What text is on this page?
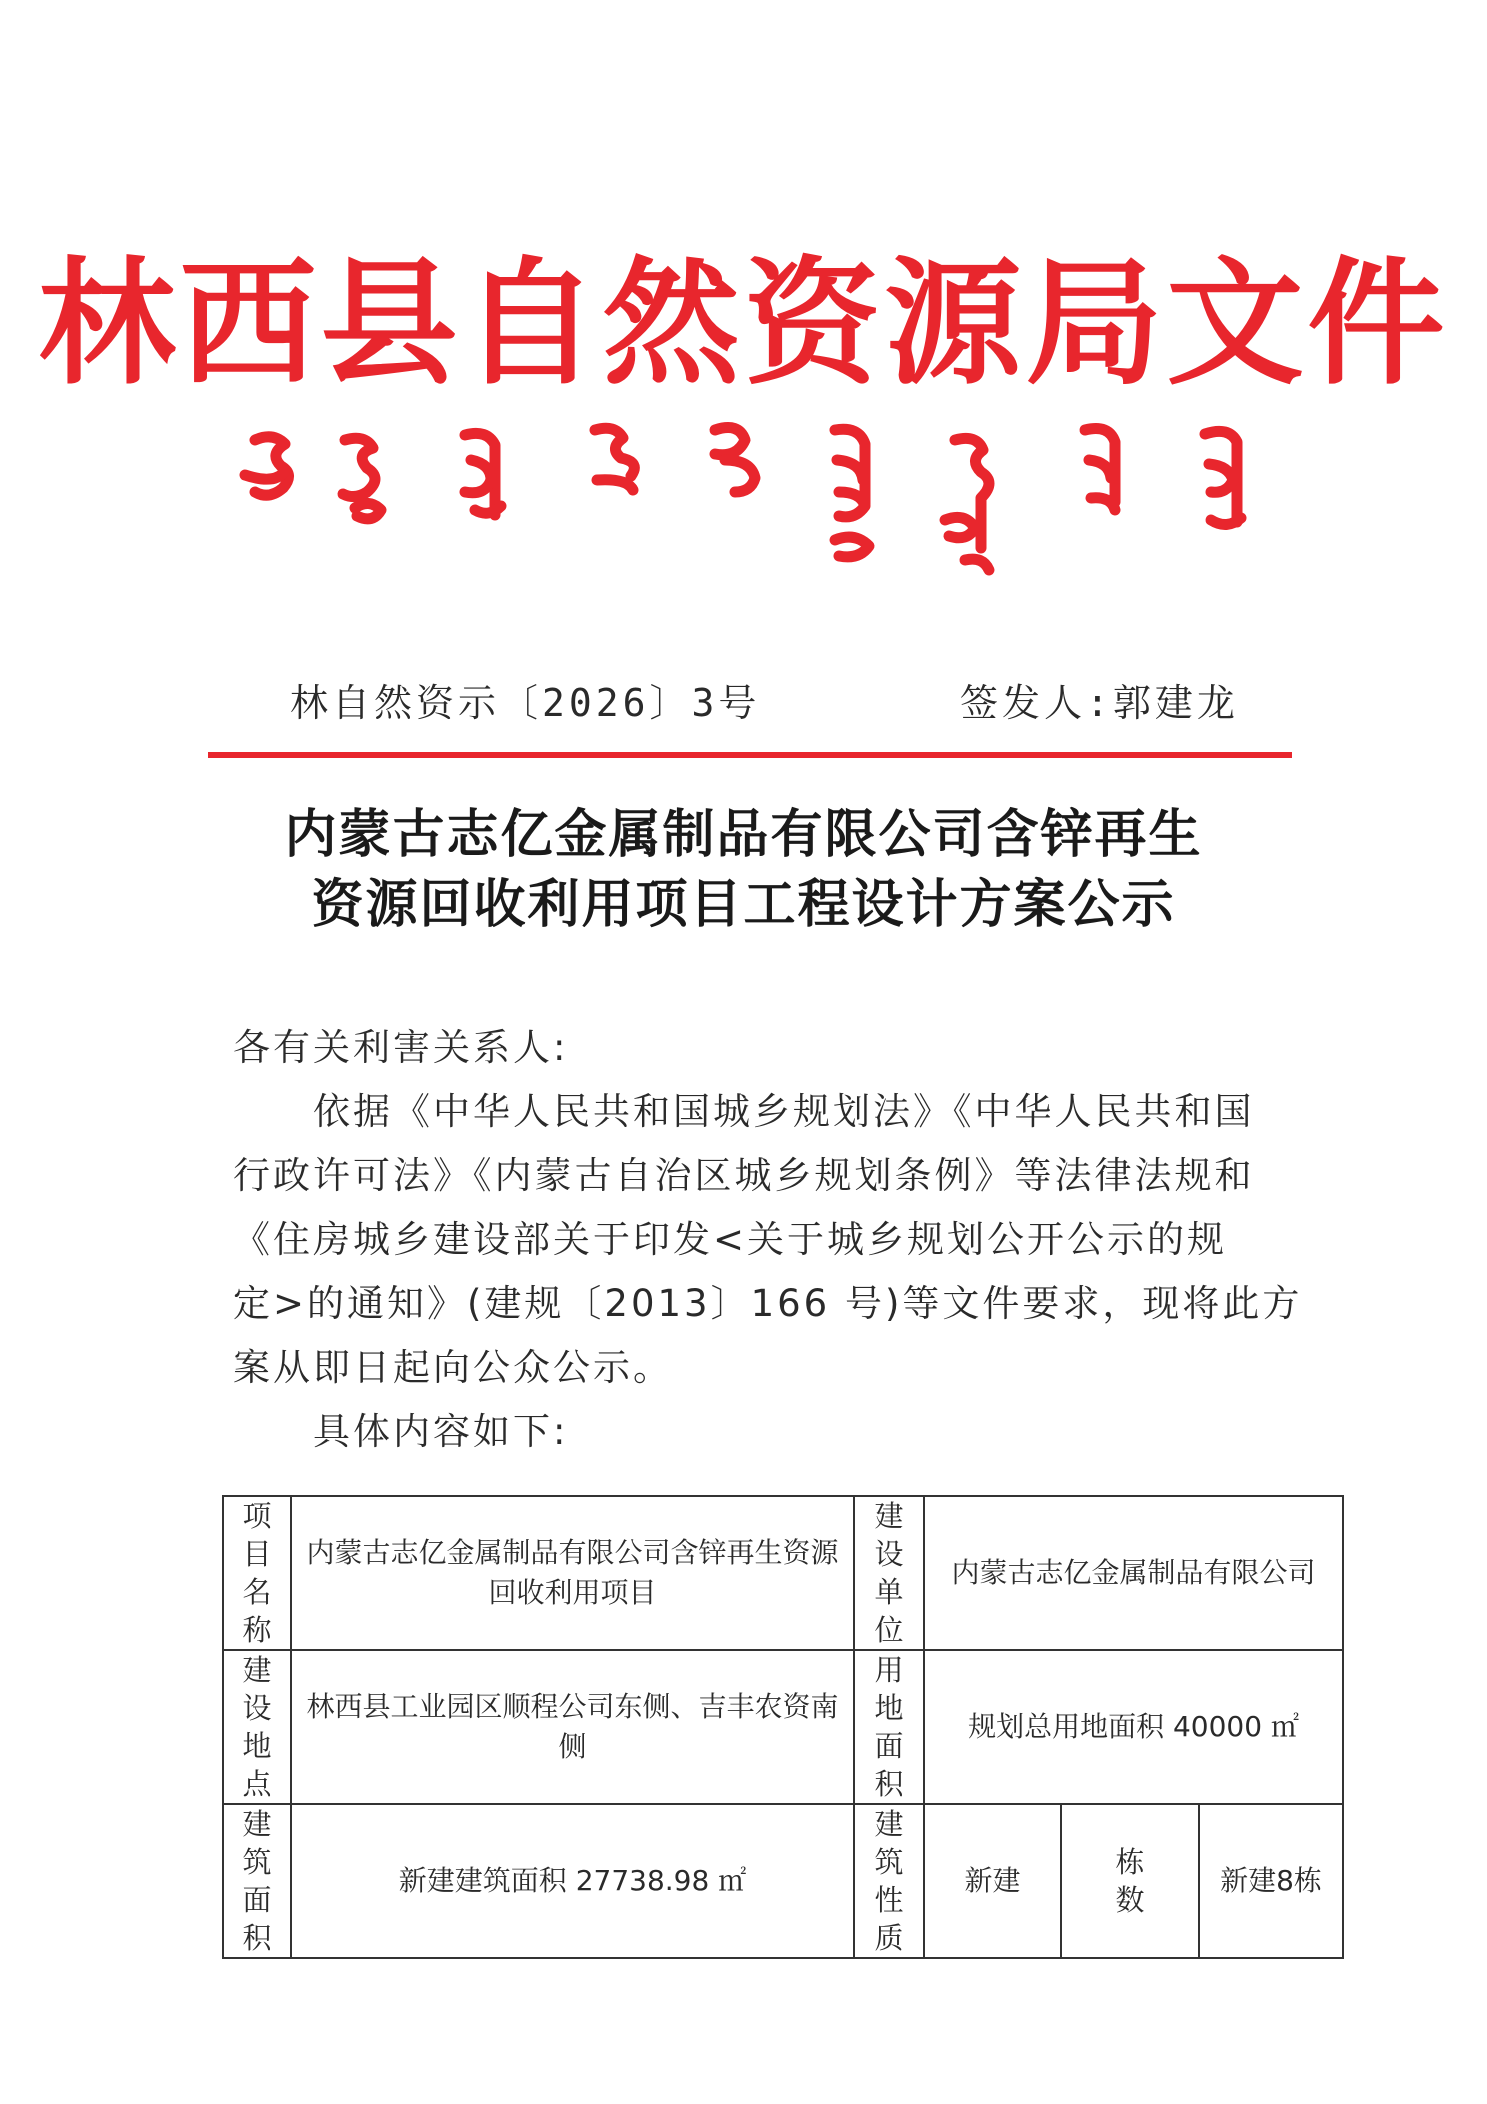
林西县自然资源局文件
林自然资示〔2026〕3号	签发人:郭建龙
内蒙古志亿金属制品有限公司含锌再生
资源回收利用项目工程设计方案公示
各有关利害关系人:

依据《中华人民共和国城乡规划法》《中华人民共和国

行政许可法》《内蒙古自治区城乡规划条例》等法律法规和

《住房城乡建设部关于印发<关于城乡规划公开公示的规

定>的通知》(建规〔2013〕166 号)等文件要求，现将此方

案从即日起向公众公示。

具体内容如下:
项
目
名
称	内蒙古志亿金属制品有限公司含锌再生资源回收利用项目	建
设
单
位	内蒙古志亿金属制品有限公司		

建
设
地
点	林西县工业园区顺程公司东侧、吉丰农资南侧	用
地
面
积	规划总用地面积 40000 ㎡		

建
筑
面
积	新建建筑面积 27738.98 ㎡	建
筑
性
质	新建	栋
数	新建8栋
